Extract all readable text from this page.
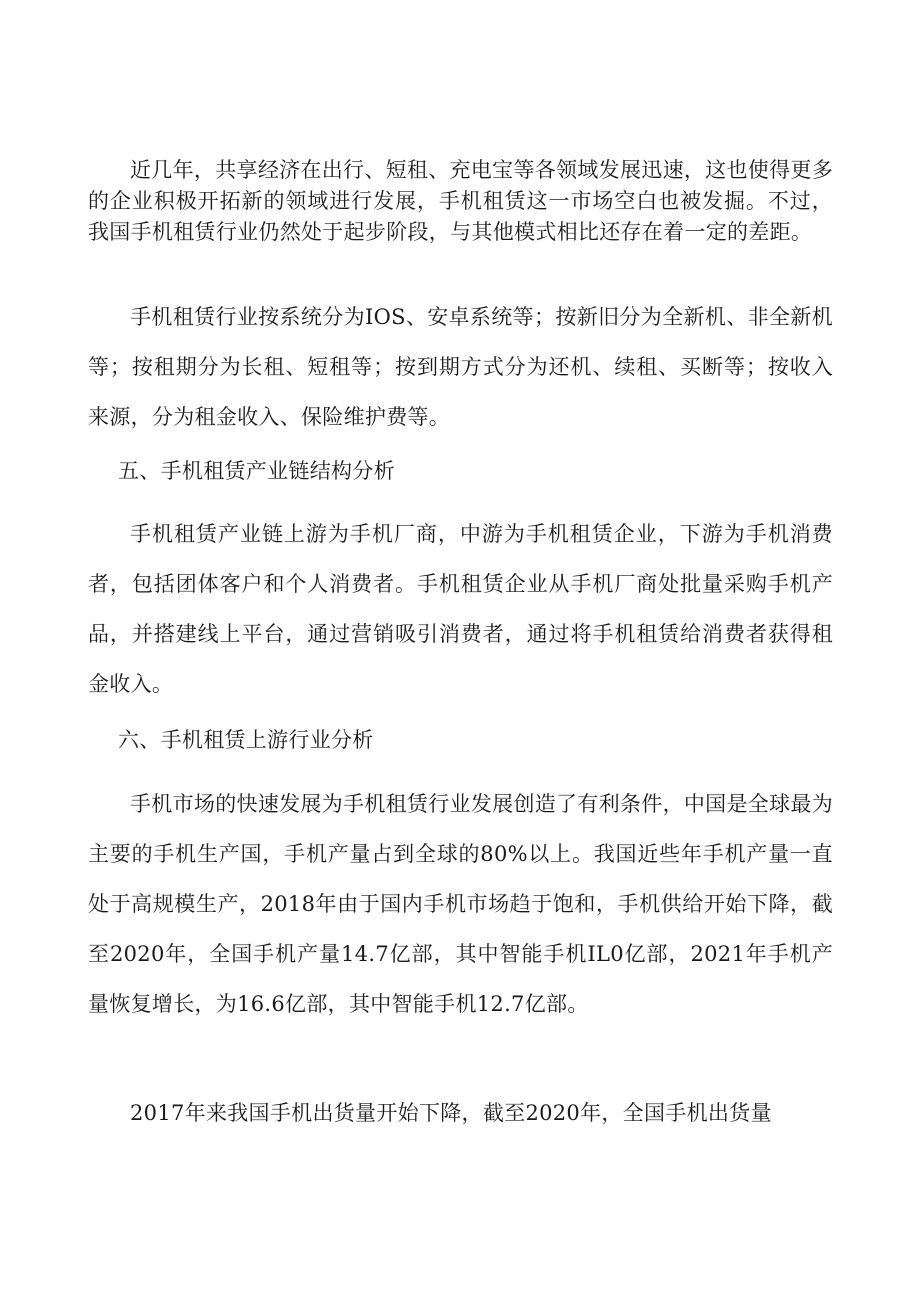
近几年，共享经济在出行、短租、充电宝等各领域发展迅速，这也使得更多的企业积极开拓新的领域进行发展，手机租赁这一市场空白也被发掘。不过，我国手机租赁行业仍然处于起步阶段，与其他模式相比还存在着一定的差距。

手机租赁行业按系统分为IOS、安卓系统等；按新旧分为全新机、非全新机等；按租期分为长租、短租等；按到期方式分为还机、续租、买断等；按收入来源，分为租金收入、保险维护费等。

五、手机租赁产业链结构分析

手机租赁产业链上游为手机厂商，中游为手机租赁企业，下游为手机消费者，包括团体客户和个人消费者。手机租赁企业从手机厂商处批量采购手机产品，并搭建线上平台，通过营销吸引消费者，通过将手机租赁给消费者获得租金收入。

六、手机租赁上游行业分析

手机市场的快速发展为手机租赁行业发展创造了有利条件，中国是全球最为主要的手机生产国，手机产量占到全球的80%以上。我国近些年手机产量一直处于高规模生产，2018年由于国内手机市场趋于饱和，手机供给开始下降，截至2020年，全国手机产量14.7亿部，其中智能手机IL0亿部，2021年手机产量恢复增长，为16.6亿部，其中智能手机12.7亿部。

2017年来我国手机出货量开始下降，截至2020年，全国手机出货量
